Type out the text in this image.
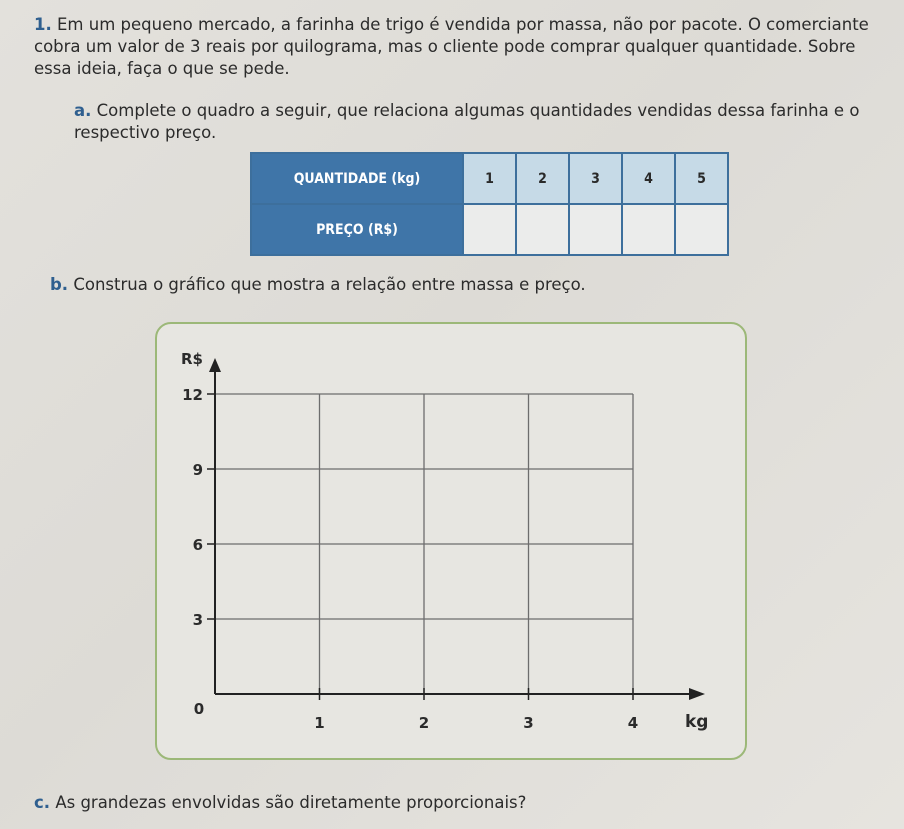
1. Em um pequeno mercado, a farinha de trigo é vendida por massa, não por pacote. O comerciante cobra um valor de 3 reais por quilograma, mas o cliente pode comprar qualquer quantidade. Sobre essa ideia, faça o que se pede.
a. Complete o quadro a seguir, que relaciona algumas quantidades vendidas dessa farinha e o respectivo preço.
QUANTIDADE (kg)	1	2	3	4	5
PREÇO (R$)					
b. Construa o gráfico que mostra a relação entre massa e preço.
R$
kg
0
3
6
9
12
1	2	3	4
c. As grandezas envolvidas são diretamente proporcionais?
